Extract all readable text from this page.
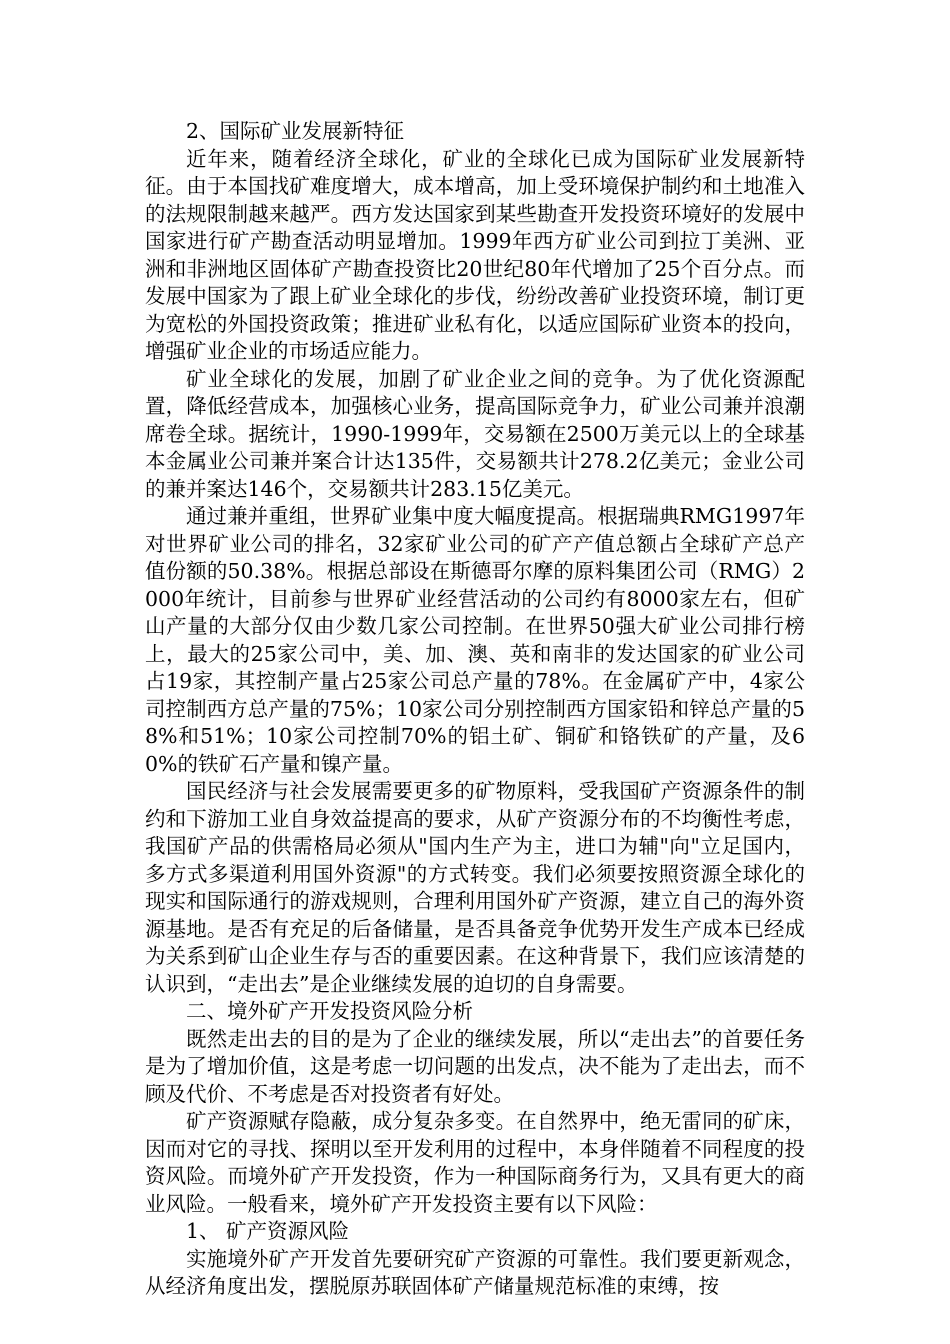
2、国际矿业发展新特征

近年来，随着经济全球化，矿业的全球化已成为国际矿业发展新特征。由于本国找矿难度增大，成本增高，加上受环境保护制约和土地准入的法规限制越来越严。西方发达国家到某些勘查开发投资环境好的发展中国家进行矿产勘查活动明显增加。1999年西方矿业公司到拉丁美洲、亚洲和非洲地区固体矿产勘查投资比20世纪80年代增加了25个百分点。而发展中国家为了跟上矿业全球化的步伐，纷纷改善矿业投资环境，制订更为宽松的外国投资政策；推进矿业私有化，以适应国际矿业资本的投向，增强矿业企业的市场适应能力。

矿业全球化的发展，加剧了矿业企业之间的竞争。为了优化资源配置，降低经营成本，加强核心业务，提高国际竞争力，矿业公司兼并浪潮席卷全球。据统计，1990-1999年，交易额在2500万美元以上的全球基本金属业公司兼并案合计达135件，交易额共计278.2亿美元；金业公司的兼并案达146个，交易额共计283.15亿美元。

通过兼并重组，世界矿业集中度大幅度提高。根据瑞典RMG1997年对世界矿业公司的排名，32家矿业公司的矿产产值总额占全球矿产总产值份额的50.38%。根据总部设在斯德哥尔摩的原料集团公司（RMG）2000年统计，目前参与世界矿业经营活动的公司约有8000家左右，但矿山产量的大部分仅由少数几家公司控制。在世界50强大矿业公司排行榜上，最大的25家公司中，美、加、澳、英和南非的发达国家的矿业公司占19家，其控制产量占25家公司总产量的78%。在金属矿产中，4家公司控制西方总产量的75%；10家公司分别控制西方国家铅和锌总产量的58%和51%；10家公司控制70%的铝土矿、铜矿和铬铁矿的产量，及60%的铁矿石产量和镍产量。

国民经济与社会发展需要更多的矿物原料，受我国矿产资源条件的制约和下游加工业自身效益提高的要求，从矿产资源分布的不均衡性考虑，我国矿产品的供需格局必须从"国内生产为主，进口为辅"向"立足国内，多方式多渠道利用国外资源"的方式转变。我们必须要按照资源全球化的现实和国际通行的游戏规则，合理利用国外矿产资源，建立自己的海外资源基地。是否有充足的后备储量，是否具备竞争优势开发生产成本已经成为关系到矿山企业生存与否的重要因素。在这种背景下，我们应该清楚的认识到，“走出去”是企业继续发展的迫切的自身需要。

二、境外矿产开发投资风险分析

既然走出去的目的是为了企业的继续发展，所以“走出去”的首要任务是为了增加价值，这是考虑一切问题的出发点，决不能为了走出去，而不顾及代价、不考虑是否对投资者有好处。

矿产资源赋存隐蔽，成分复杂多变。在自然界中，绝无雷同的矿床，因而对它的寻找、探明以至开发利用的过程中，本身伴随着不同程度的投资风险。而境外矿产开发投资，作为一种国际商务行为，又具有更大的商业风险。一般看来，境外矿产开发投资主要有以下风险：

1、 矿产资源风险

实施境外矿产开发首先要研究矿产资源的可靠性。我们要更新观念，从经济角度出发，摆脱原苏联固体矿产储量规范标准的束缚，按
